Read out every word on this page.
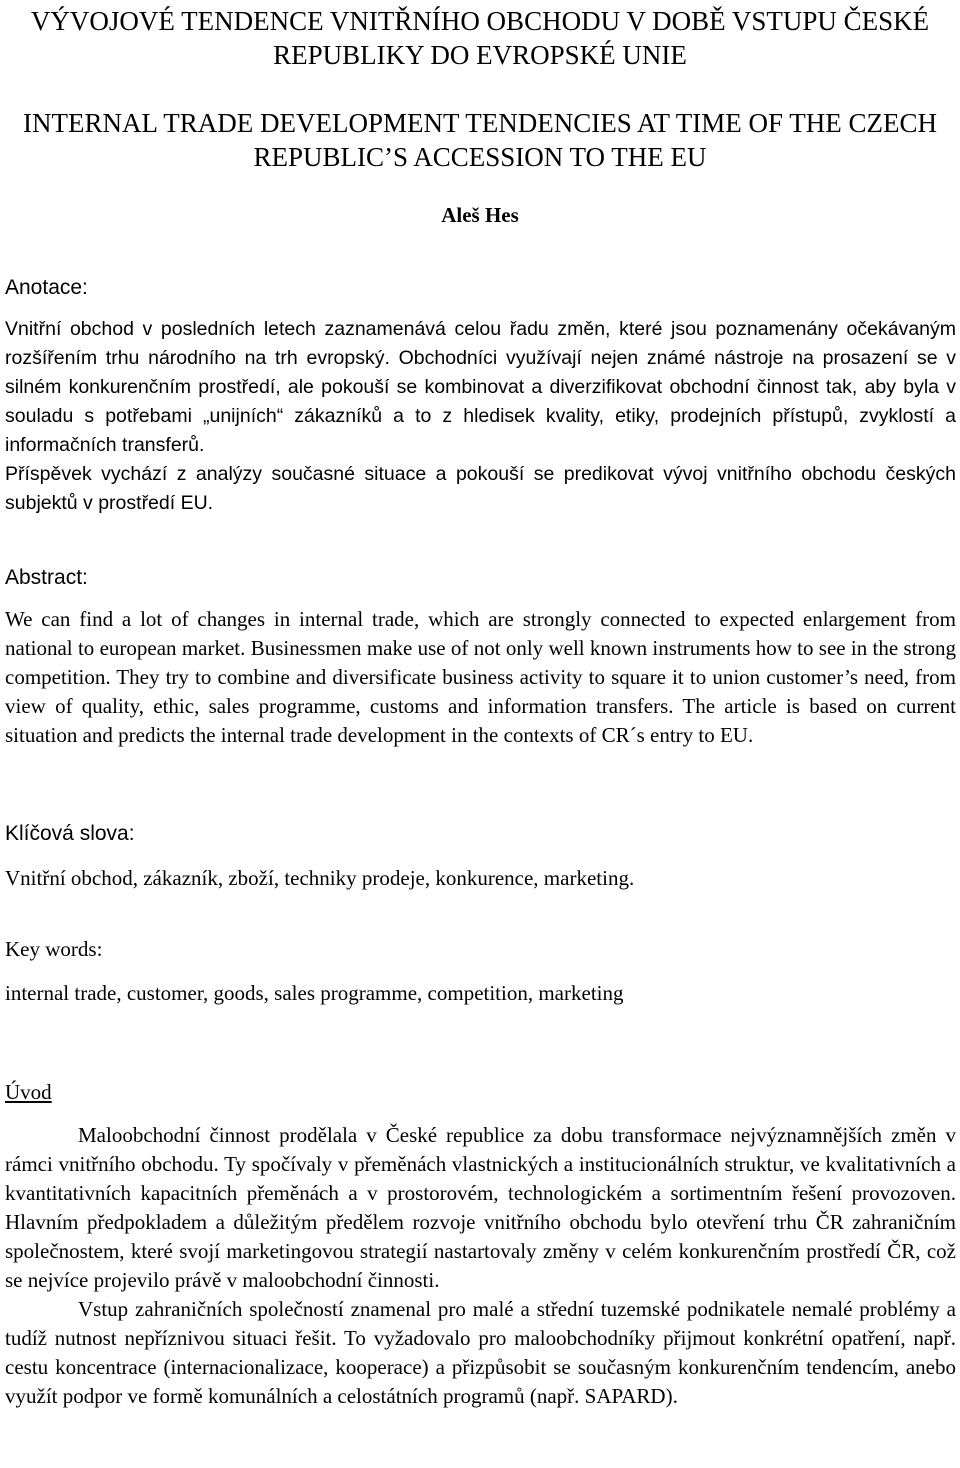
VÝVOJOVÉ TENDENCE VNITŘNÍHO OBCHODU V DOBĚ VSTUPU ČESKÉ REPUBLIKY DO EVROPSKÉ UNIE
INTERNAL TRADE DEVELOPMENT TENDENCIES AT TIME OF THE CZECH REPUBLIC’S ACCESSION TO THE EU
Aleš Hes
Anotace:

Vnitřní obchod v posledních letech zaznamenává celou řadu změn, které jsou poznamenány očekávaným rozšířením trhu národního na trh evropský. Obchodníci využívají nejen známé nástroje na prosazení se v silném konkurenčním prostředí, ale pokouší se kombinovat a diverzifikovat obchodní činnost tak, aby byla v souladu s potřebami „unijních“ zákazníků a to z hledisek kvality, etiky, prodejních přístupů, zvyklostí a informačních transferů.

Příspěvek vychází z analýzy současné situace a pokouší se predikovat vývoj vnitřního obchodu českých subjektů v prostředí EU.

Abstract:

We can find a lot of changes in internal trade, which are strongly connected to expected enlargement from national to european market. Businessmen make use of not only well known instruments how to see in the strong competition. They try to combine and diversificate business activity to square it to union customer’s need, from view of quality, ethic, sales programme, customs and information transfers. The article is based on current situation and predicts the internal trade development in the contexts of CR´s entry to EU.

Klíčová slova:

Vnitřní obchod, zákazník, zboží, techniky prodeje, konkurence, marketing.

Key words:

internal trade, customer, goods, sales programme, competition, marketing

Úvod

Maloobchodní činnost prodělala v České republice za dobu transformace nejvýznamnějších změn v rámci vnitřního obchodu. Ty spočívaly v přeměnách vlastnických a institucionálních struktur, ve kvalitativních a kvantitativních kapacitních přeměnách a v prostorovém, technologickém a sortimentním řešení provozoven. Hlavním předpokladem a důležitým předělem rozvoje vnitřního obchodu bylo otevření trhu ČR zahraničním společnostem, které svojí marketingovou strategií nastartovaly změny v celém konkurenčním prostředí ČR, což se nejvíce projevilo právě v maloobchodní činnosti.

Vstup zahraničních společností znamenal pro malé a střední tuzemské podnikatele nemalé problémy a tudíž nutnost nepříznivou situaci řešit. To vyžadovalo pro maloobchodníky přijmout konkrétní opatření, např. cestu koncentrace (internacionalizace, kooperace) a přizpůsobit se současným konkurenčním tendencím, anebo využít podpor ve formě komunálních a celostátních programů (např. SAPARD).
